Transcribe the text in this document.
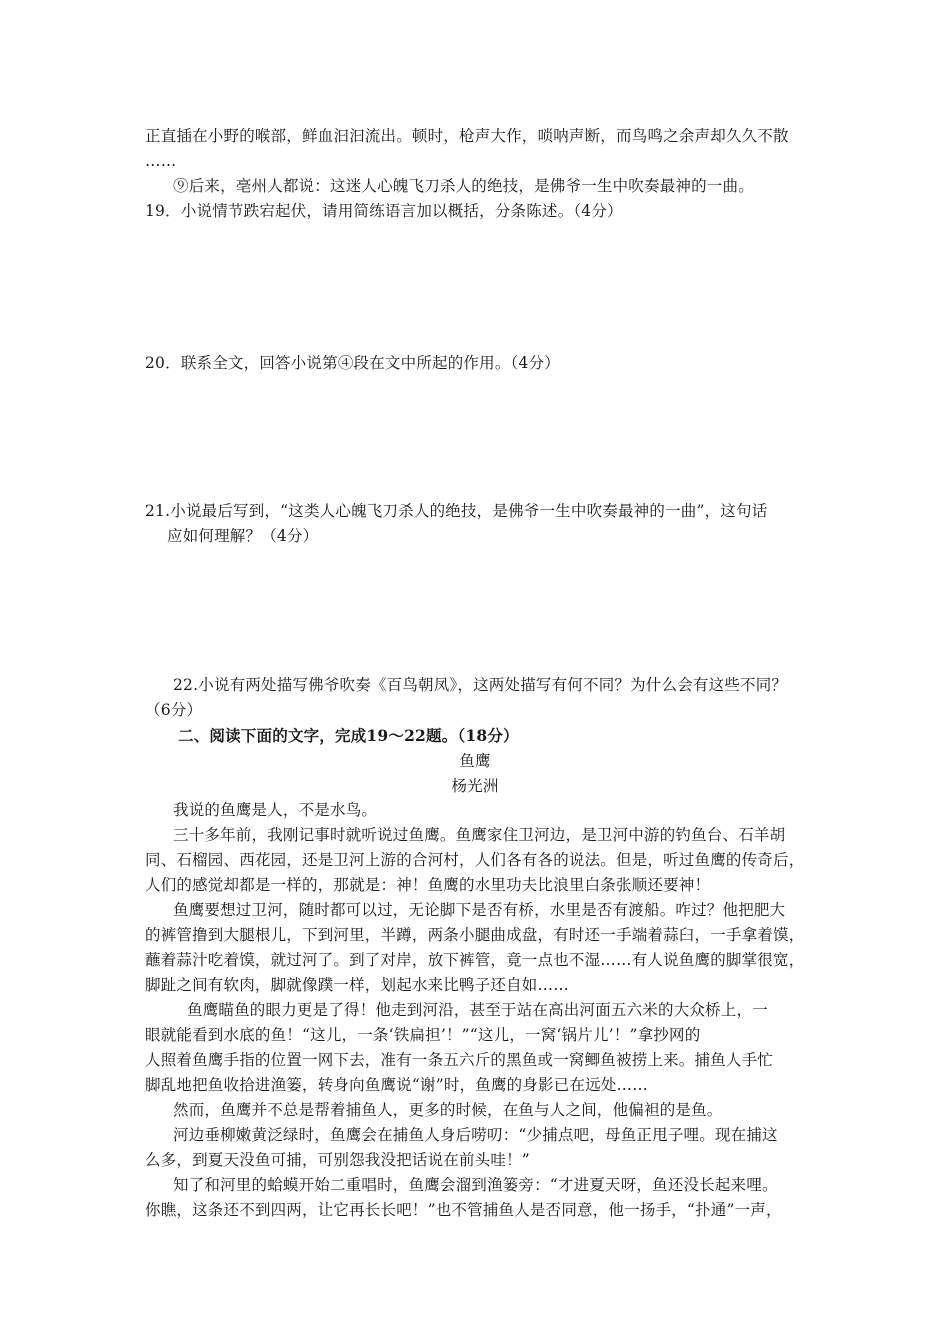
正直插在小野的喉部，鲜血汩汩流出。顿时，枪声大作，唢呐声断，而鸟鸣之余声却久久不散
……
⑨后来，亳州人都说：这迷人心魄飞刀杀人的绝技，是佛爷一生中吹奏最神的一曲。
19．小说情节跌宕起伏，请用简练语言加以概括，分条陈述。（4分）
20．联系全文，回答小说第④段在文中所起的作用。（4分）
21.小说最后写到，“这类人心魄飞刀杀人的绝技，是佛爷一生中吹奏最神的一曲”，这句话
应如何理解？（4分）
22.小说有两处描写佛爷吹奏《百鸟朝凤》，这两处描写有何不同？为什么会有这些不同？
（6分）
二、阅读下面的文字，完成19～22题。（18分）
鱼鹰
杨光洲
我说的鱼鹰是人，不是水鸟。
三十多年前，我刚记事时就听说过鱼鹰。鱼鹰家住卫河边，是卫河中游的钓鱼台、石羊胡
同、石榴园、西花园，还是卫河上游的合河村，人们各有各的说法。但是，听过鱼鹰的传奇后，
人们的感觉却都是一样的，那就是：神！鱼鹰的水里功夫比浪里白条张顺还要神！
鱼鹰要想过卫河，随时都可以过，无论脚下是否有桥，水里是否有渡船。咋过？他把肥大
的裤管撸到大腿根儿，下到河里，半蹲，两条小腿曲成盘，有时还一手端着蒜臼，一手拿着馍，
蘸着蒜汁吃着馍，就过河了。到了对岸，放下裤管，竟一点也不湿……有人说鱼鹰的脚掌很宽，
脚趾之间有软肉，脚就像蹼一样，划起水来比鸭子还自如……
鱼鹰瞄鱼的眼力更是了得！他走到河沿，甚至于站在高出河面五六米的大众桥上，一
眼就能看到水底的鱼！“这儿，一条‘铁扁担’！”“这儿，一窝‘锅片儿’！”拿抄网的
人照着鱼鹰手指的位置一网下去，准有一条五六斤的黑鱼或一窝鲫鱼被捞上来。捕鱼人手忙
脚乱地把鱼收拾进渔篓，转身向鱼鹰说“谢”时，鱼鹰的身影已在远处……
然而，鱼鹰并不总是帮着捕鱼人，更多的时候，在鱼与人之间，他偏袒的是鱼。
河边垂柳嫩黄泛绿时，鱼鹰会在捕鱼人身后唠叨：“少捕点吧，母鱼正甩子哩。现在捕这
么多，到夏天没鱼可捕，可别怨我没把话说在前头哇！”
知了和河里的蛤蟆开始二重唱时，鱼鹰会溜到渔篓旁：“才进夏天呀，鱼还没长起来哩。
你瞧，这条还不到四两，让它再长长吧！”也不管捕鱼人是否同意，他一扬手，“扑通”一声，
